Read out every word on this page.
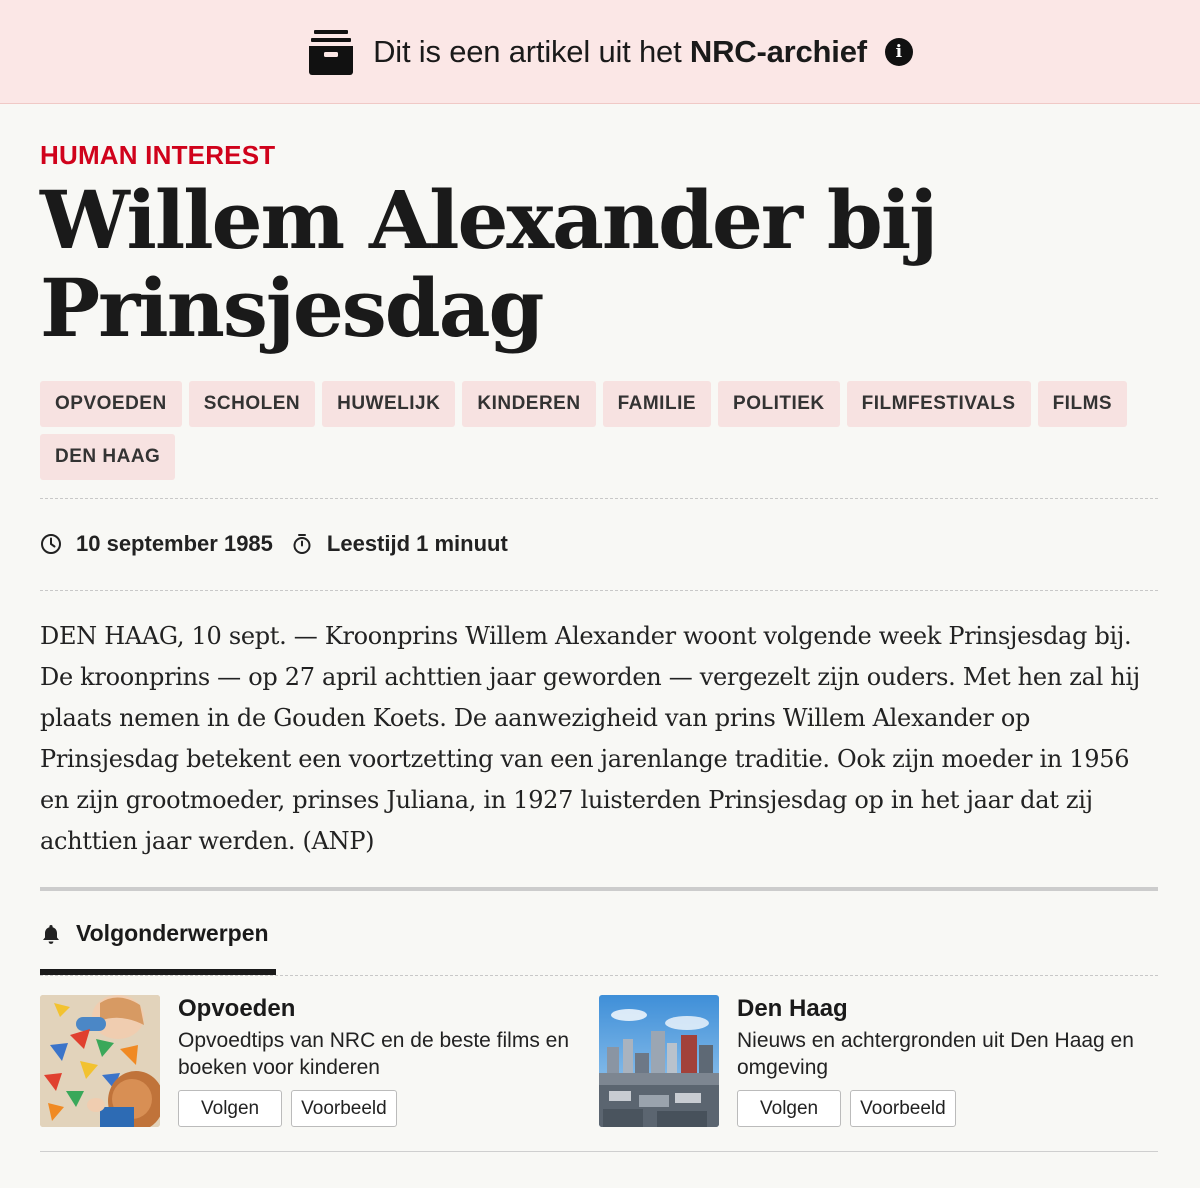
Dit is een artikel uit het NRC-archief	i
HUMAN INTEREST
Willem Alexander bij Prinsjesdag
OPVOEDEN	SCHOLEN	HUWELIJK	KINDEREN	FAMILIE	POLITIEK	FILMFESTIVALS	FILMS
DEN HAAG
10 september 1985 Leestijd 1 minuut

DEN HAAG, 10 sept. — Kroonprins Willem Alexander woont volgende week Prinsjesdag bij. De kroonprins — op 27 april achttien jaar geworden — vergezelt zijn ouders. Met hen zal hij plaats nemen in de Gouden Koets. De aanwezigheid van prins Willem Alexander op Prinsjesdag betekent een voortzetting van een jarenlange traditie. Ook zijn moeder in 1956 en zijn grootmoeder, prinses Juliana, in 1927 luisterden Prinsjesdag op in het jaar dat zij achttien jaar werden. (ANP)

Volgonderwerpen
Opvoeden
Opvoedtips van NRC en de beste films en boeken voor kinderen
Volgen	Voorbeeld
Den Haag
Nieuws en achtergronden uit Den Haag en omgeving
Volgen	Voorbeeld
